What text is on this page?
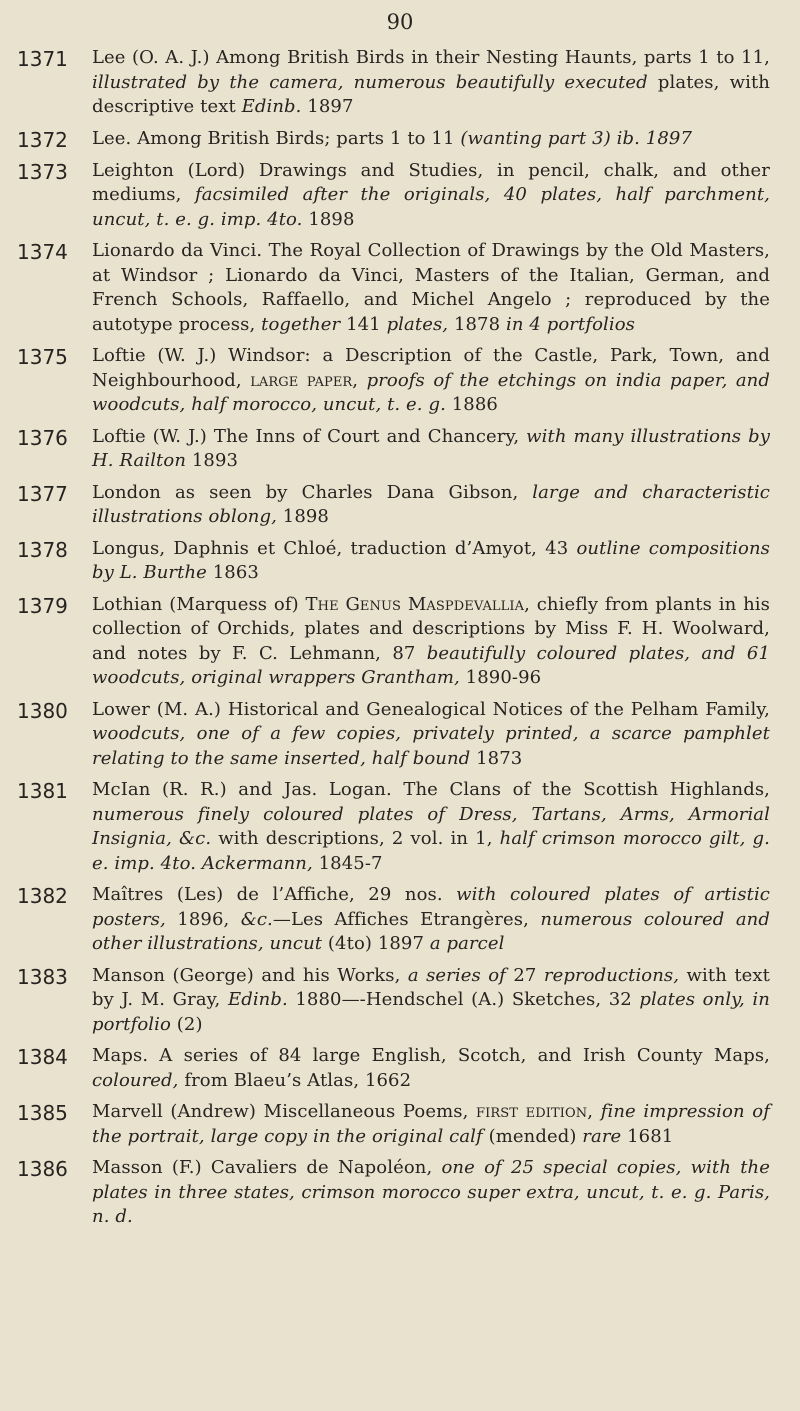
90
1371	Lee (O. A. J.) Among British Birds in their Nesting Haunts, parts 1 to 11, illustrated by the camera, numerous beautifully executed plates, with descriptive text Edinb. 1897
1372	Lee. Among British Birds; parts 1 to 11 (wanting part 3) ib. 1897
1373	Leighton (Lord) Drawings and Studies, in pencil, chalk, and other mediums, facsimiled after the originals, 40 plates, half parchment, uncut, t. e. g. imp. 4to. 1898
1374	Lionardo da Vinci. The Royal Collection of Drawings by the Old Masters, at Windsor ; Lionardo da Vinci, Masters of the Italian, German, and French Schools, Raffaello, and Michel Angelo ; reproduced by the autotype process, together 141 plates, 1878 in 4 portfolios
1375	Loftie (W. J.) Windsor: a Description of the Castle, Park, Town, and Neighbourhood, large paper, proofs of the etchings on india paper, and woodcuts, half morocco, uncut, t. e. g. 1886
1376	Loftie (W. J.) The Inns of Court and Chancery, with many illustrations by H. Railton 1893
1377	London as seen by Charles Dana Gibson, large and characteristic illustrations oblong, 1898
1378	Longus, Daphnis et Chloé, traduction d’Amyot, 43 outline compositions by L. Burthe 1863
1379	Lothian (Marquess of) The Genus Maspdevallia, chiefly from plants in his collection of Orchids, plates and descriptions by Miss F. H. Woolward, and notes by F. C. Lehmann, 87 beautifully coloured plates, and 61 woodcuts, original wrappers Grantham, 1890-96
1380	Lower (M. A.) Historical and Genealogical Notices of the Pelham Family, woodcuts, one of a few copies, privately printed, a scarce pamphlet relating to the same inserted, half bound 1873
1381	McIan (R. R.) and Jas. Logan. The Clans of the Scottish Highlands, numerous finely coloured plates of Dress, Tartans, Arms, Armorial Insignia, &c. with descriptions, 2 vol. in 1, half crimson morocco gilt, g. e. imp. 4to. Ackermann, 1845-7
1382	Maîtres (Les) de l’Affiche, 29 nos. with coloured plates of artistic posters, 1896, &c.—Les Affiches Etrangères, numerous coloured and other illustrations, uncut (4to) 1897 a parcel
1383	Manson (George) and his Works, a series of 27 reproductions, with text by J. M. Gray, Edinb. 1880—-Hendschel (A.) Sketches, 32 plates only, in portfolio (2)
1384	Maps. A series of 84 large English, Scotch, and Irish County Maps, coloured, from Blaeu’s Atlas, 1662
1385	Marvell (Andrew) Miscellaneous Poems, first edition, fine impression of the portrait, large copy in the original calf (mended) rare 1681
1386	Masson (F.) Cavaliers de Napoléon, one of 25 special copies, with the plates in three states, crimson morocco super extra, uncut, t. e. g. Paris, n. d.
